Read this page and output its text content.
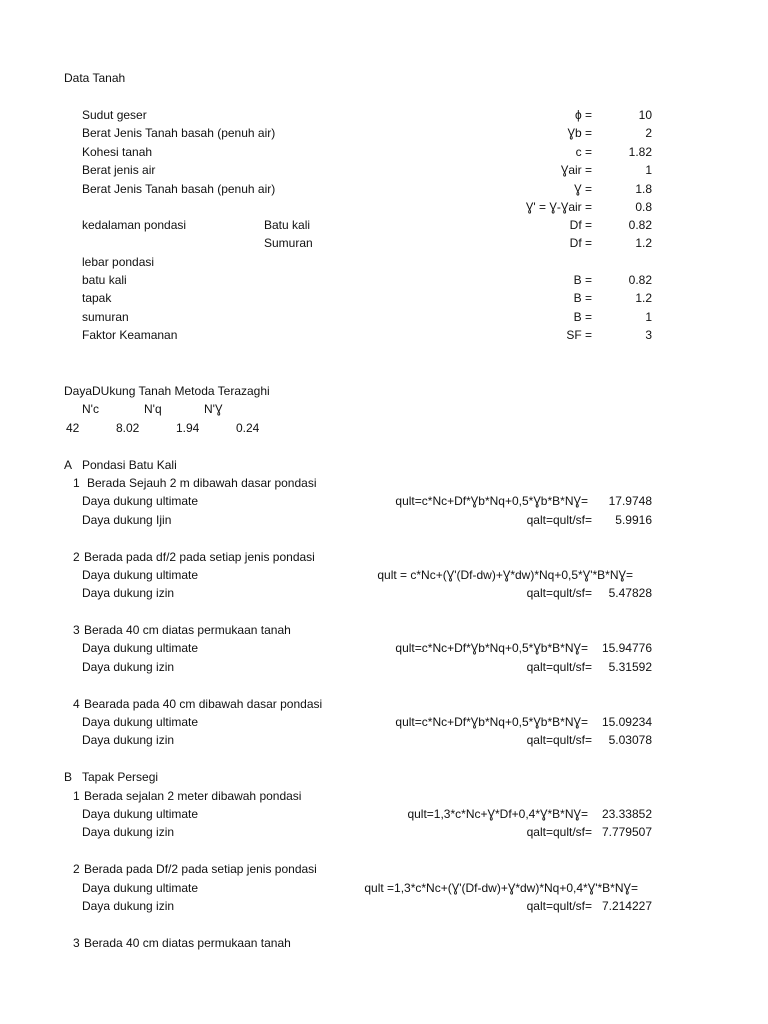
Data Tanah
Sudut geser	ϕ =	10
Berat Jenis Tanah basah (penuh air)	Ɣb =	2
Kohesi tanah	c =	1.82
Berat jenis air	Ɣair =	1
Berat Jenis Tanah basah (penuh air)	Ɣ =	1.8
Ɣ' = Ɣ-Ɣair =	0.8
kedalaman pondasi	Batu kali	Df =	0.82
Sumuran	Df =	1.2
lebar pondasi
batu kali	B =	0.82
tapak	B =	1.2
sumuran	B =	1
Faktor Keamanan	SF =	3
DayaDUkung Tanah Metoda Terazaghi
N'c	N'q	N'Ɣ
42	8.02	1.94	0.24
A Pondasi Batu Kali
1 Berada Sejauh 2 m dibawah dasar pondasi
Daya dukung ultimate	qult=c*Nc+Df*Ɣb*Nq+0,5*Ɣb*B*NƔ= 17.9748
Daya dukung Ijin	qalt=qult/sf= 5.9916
2 Berada pada df/2 pada setiap jenis pondasi
Daya dukung ultimate	qult = c*Nc+(Ɣ'(Df-dw)+Ɣ*dw)*Nq+0,5*Ɣ'*B*NƔ=
Daya dukung izin	qalt=qult/sf= 5.47828
3 Berada 40 cm diatas permukaan tanah
Daya dukung ultimate	qult=c*Nc+Df*Ɣb*Nq+0,5*Ɣb*B*NƔ= 15.94776
Daya dukung izin	qalt=qult/sf= 5.31592
4 Bearada pada 40 cm dibawah dasar pondasi
Daya dukung ultimate	qult=c*Nc+Df*Ɣb*Nq+0,5*Ɣb*B*NƔ= 15.09234
Daya dukung izin	qalt=qult/sf= 5.03078
B Tapak Persegi
1 Berada sejalan 2 meter dibawah pondasi
Daya dukung ultimate	qult=1,3*c*Nc+Ɣ*Df+0,4*Ɣ*B*NƔ= 23.33852
Daya dukung izin	qalt=qult/sf= 7.779507
2 Berada pada Df/2 pada setiap jenis pondasi
Daya dukung ultimate	qult =1,3*c*Nc+(Ɣ'(Df-dw)+Ɣ*dw)*Nq+0,4*Ɣ'*B*NƔ=
Daya dukung izin	qalt=qult/sf= 7.214227
3 Berada 40 cm diatas permukaan tanah
